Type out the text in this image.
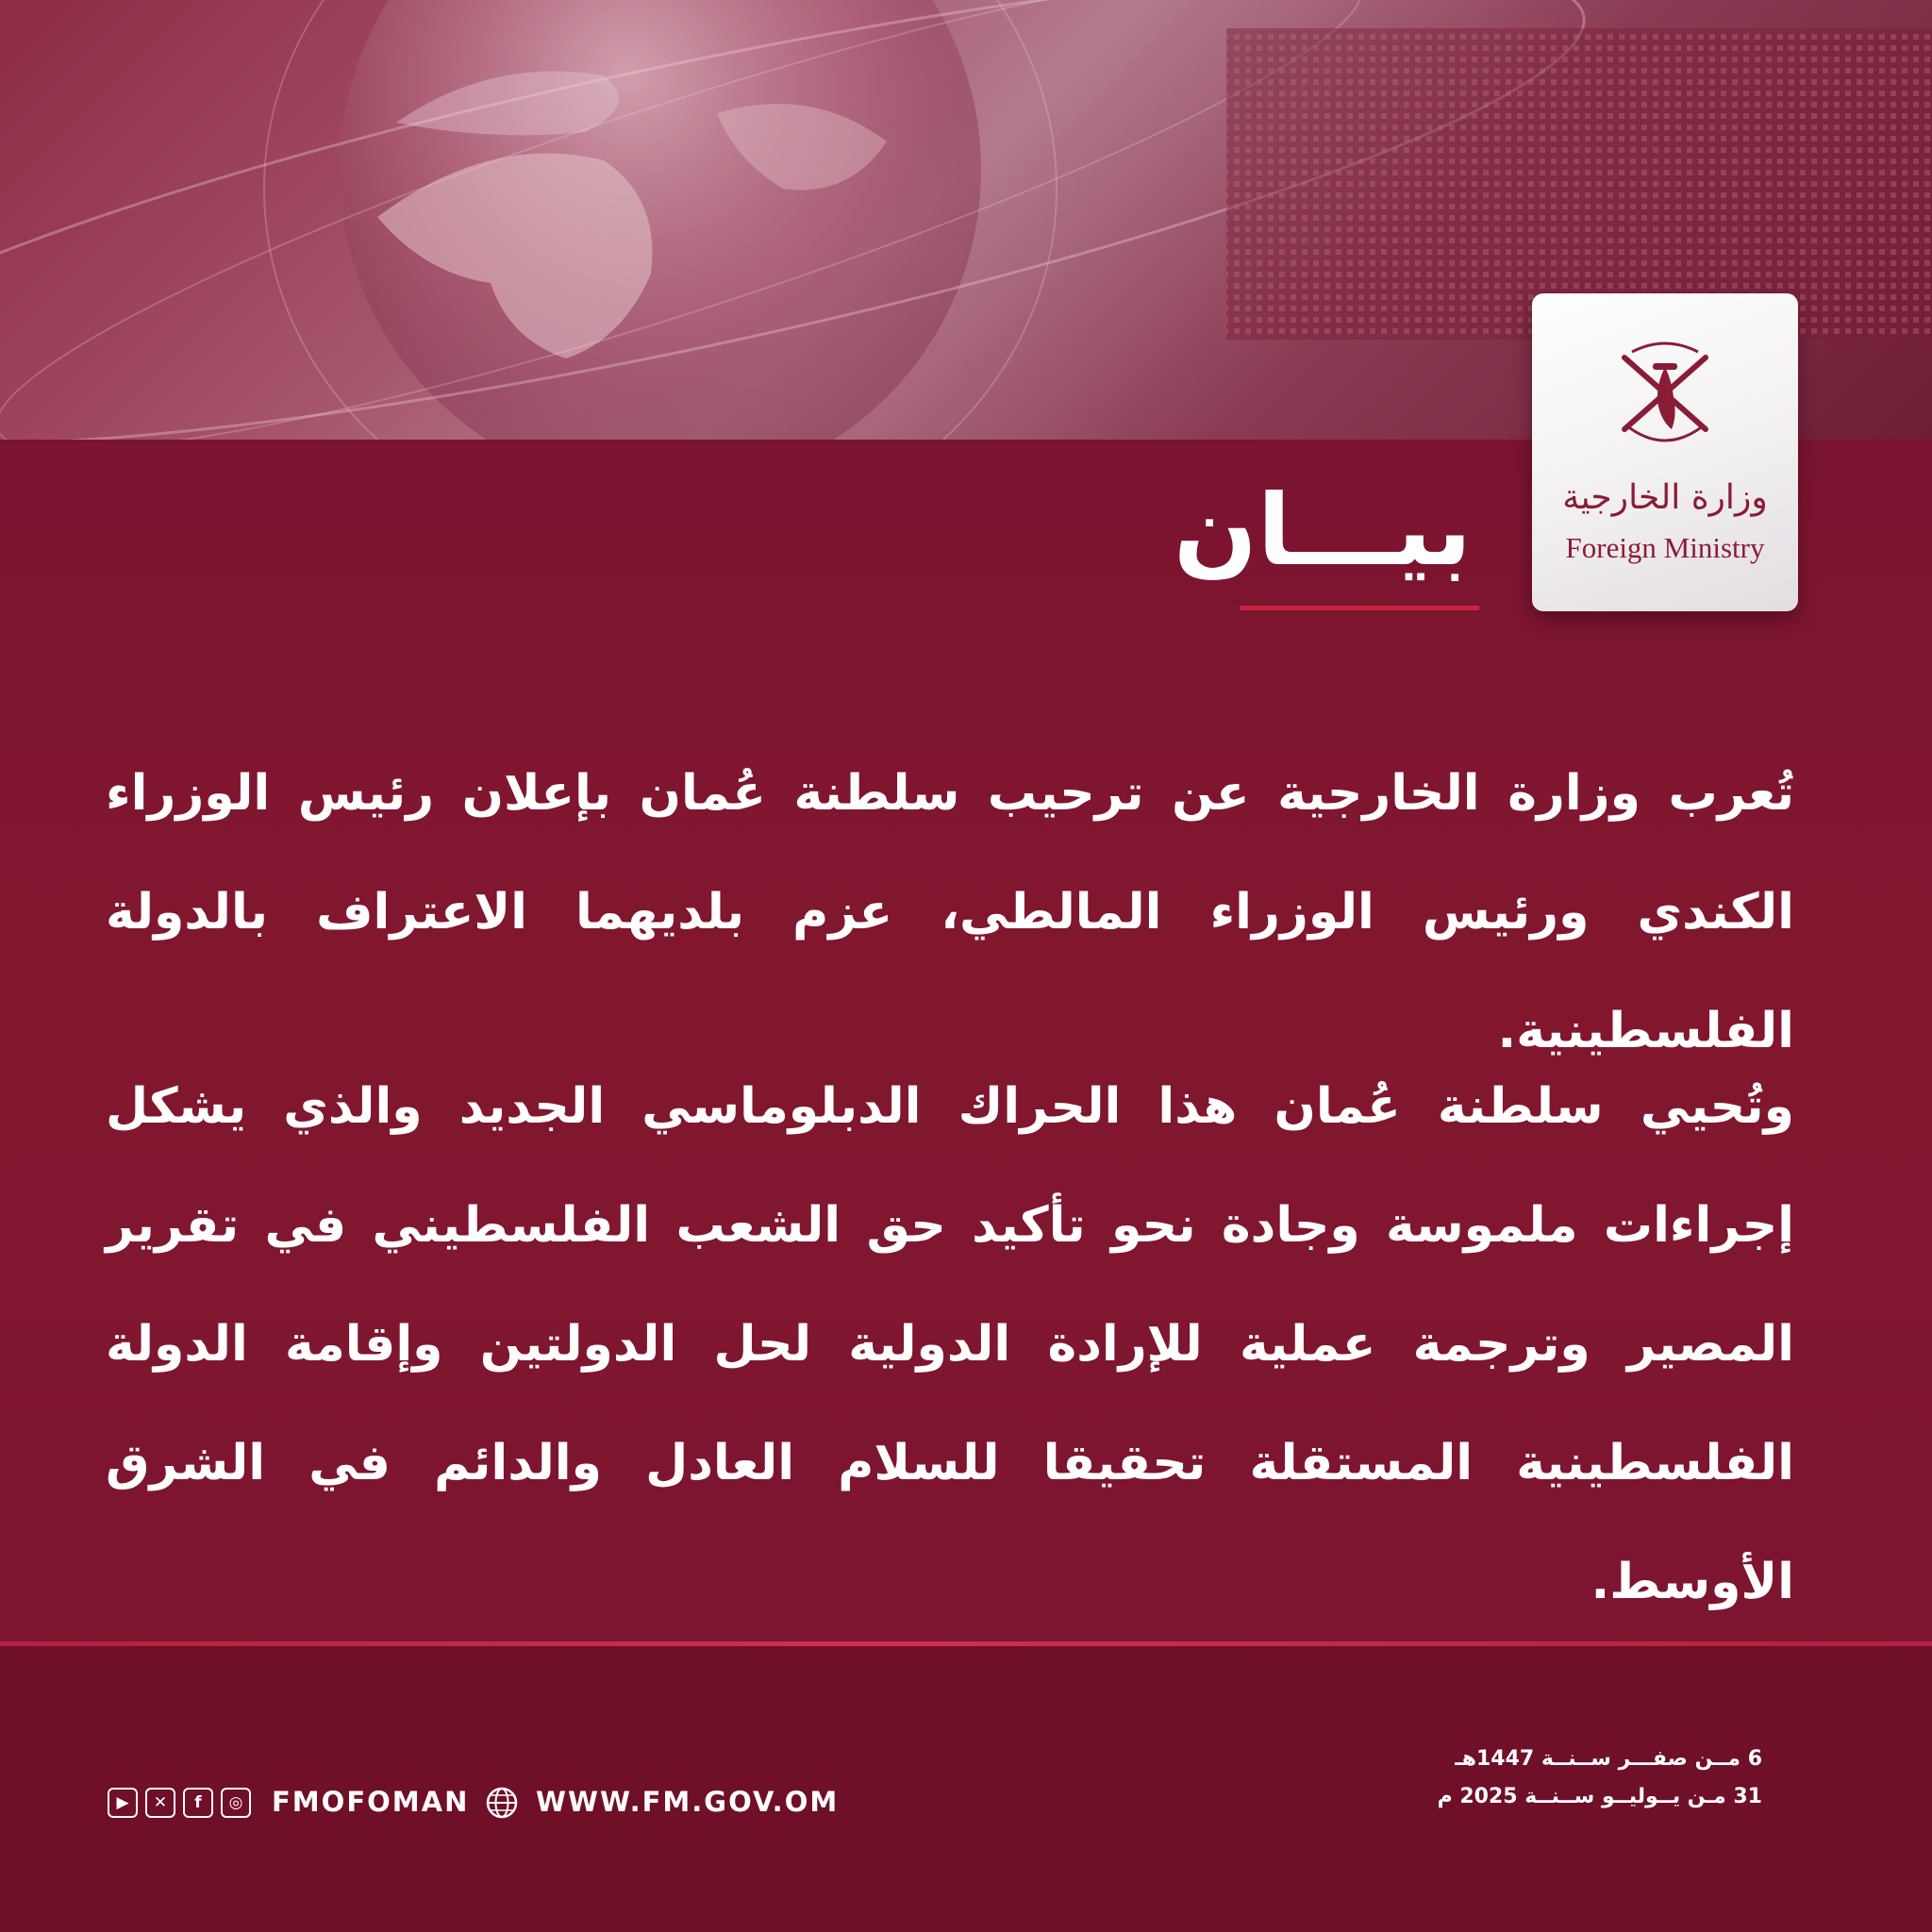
وزارة الخارجية
Foreign Ministry
بيـــان
تُعرب وزارة الخارجية عن ترحيب سلطنة عُمان بإعلان رئيس الوزراء الكندي ورئيس الوزراء المالطي، عزم بلديهما الاعتراف بالدولة الفلسطينية.
وتُحيي سلطنة عُمان هذا الحراك الدبلوماسي الجديد والذي يشكل إجراءات ملموسة وجادة نحو تأكيد حق الشعب الفلسطيني في تقرير المصير وترجمة عملية للإرادة الدولية لحل الدولتين وإقامة الدولة الفلسطينية المستقلة تحقيقا للسلام العادل والدائم في الشرق الأوسط.
6 مــن صفـــر ســنــة 1447هـ
31 مـن يــوليــو ســنــة 2025 م
▶	✕	f	◎ FMOFOMAN WWW.FM.GOV.OM
